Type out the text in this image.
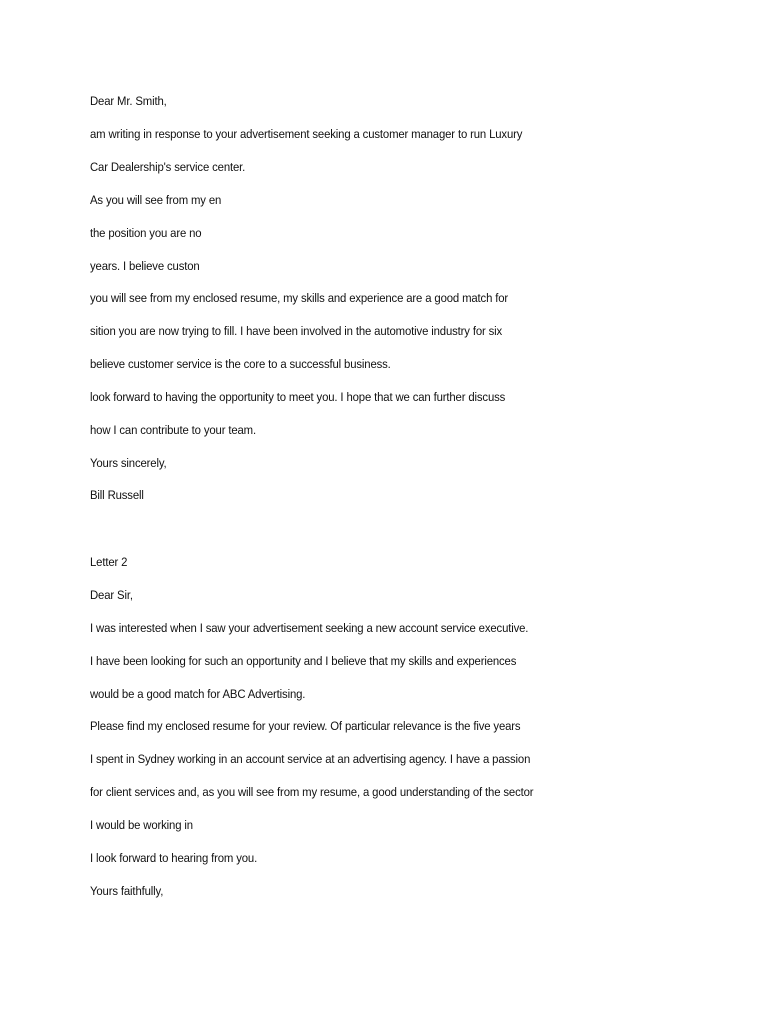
Dear Mr. Smith,

am writing in response to your advertisement seeking a customer manager to run Luxury

Car Dealership's service center.

As you will see from my en

the position you are no

years. I believe custon

you will see from my enclosed resume, my skills and experience are a good match for

sition you are now trying to fill. I have been involved in the automotive industry for six

believe customer service is the core to a successful business.

look forward to having the opportunity to meet you. I hope that we can further discuss

how I can contribute to your team.

Yours sincerely,

Bill Russell

Letter 2

Dear Sir,

I was interested when I saw your advertisement seeking a new account service executive.

I have been looking for such an opportunity and I believe that my skills and experiences

would be a good match for ABC Advertising.

Please find my enclosed resume for your review. Of particular relevance is the five years

I spent in Sydney working in an account service at an advertising agency. I have a passion

for client services and, as you will see from my resume, a good understanding of the sector

I would be working in

I look forward to hearing from you.

Yours faithfully,
